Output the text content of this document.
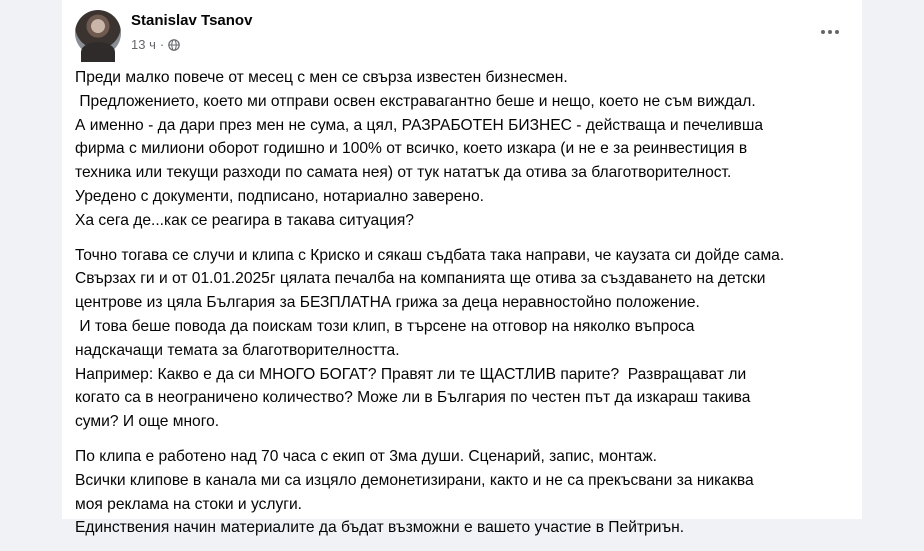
Stanislav Tsanov
13 ч ·

Преди малко повече от месец с мен се свърза известен бизнесмен.

Предложението, което ми отправи освен екстравагантно беше и нещо, което не съм виждал.

А именно - да дари през мен не сума, а цял, РАЗРАБОТЕН БИЗНЕС - действаща и печеливша

фирма с милиони оборот годишно и 100% от всичко, което изкара (и не е за реинвестиция в

техника или текущи разходи по самата нея) от тук нататък да отива за благотворителност.

Уредено с документи, подписано, нотариално заверено.

Ха сега де...как се реагира в такава ситуация?

Точно тогава се случи и клипа с Криско и сякаш съдбата така направи, че каузата си дойде сама.

Свързах ги и от 01.01.2025г цялата печалба на компанията ще отива за създаването на детски

центрове из цяла България за БЕЗПЛАТНА грижа за деца неравностойно положение.

И това беше повода да поискам този клип, в търсене на отговор на няколко въпроса

надскачащи темата за благотворителността.

Например: Какво е да си МНОГО БОГАТ? Правят ли те ЩАСТЛИВ парите?  Развращават ли

когато са в неограничено количество? Може ли в България по честен път да изкараш такива

суми? И още много.

По клипа е работено над 70 часа с екип от 3ма души. Сценарий, запис, монтаж.

Всички клипове в канала ми са изцяло демонетизирани, както и не са прекъсвани за никаква

моя реклама на стоки и услуги.

Единствения начин материалите да бъдат възможни е вашето участие в Пейтриън.
